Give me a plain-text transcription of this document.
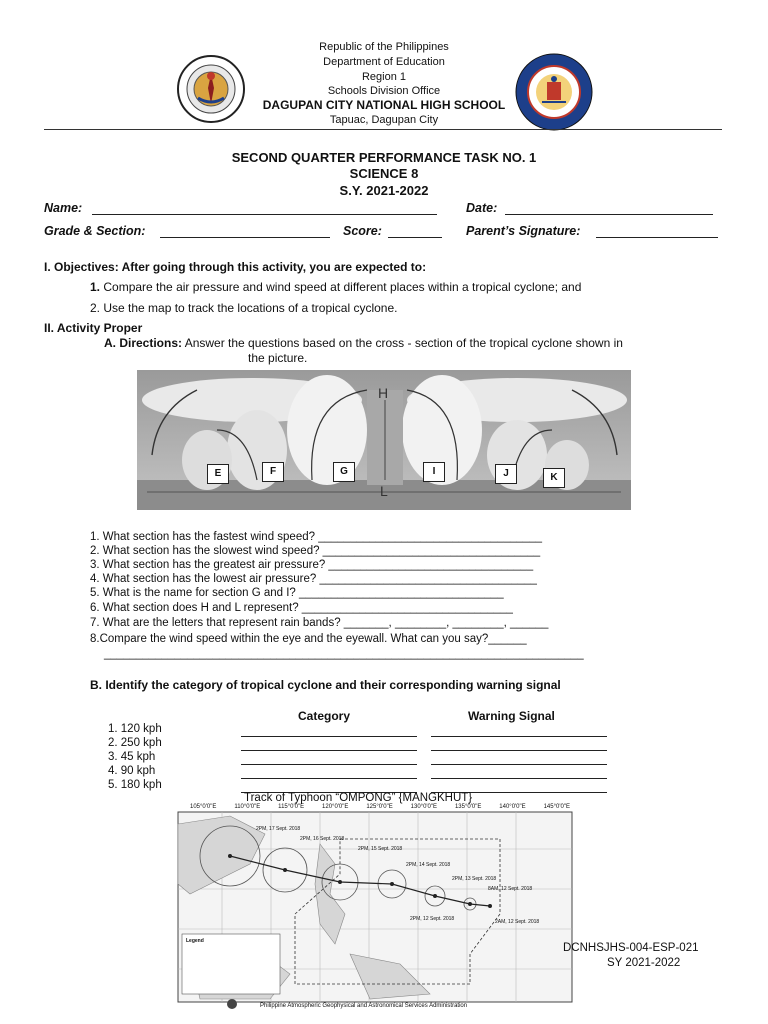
Republic of the Philippines
Department of Education
Region 1
Schools Division Office
DAGUPAN CITY NATIONAL HIGH SCHOOL
Tapuac, Dagupan City
SECOND QUARTER PERFORMANCE TASK NO. 1
SCIENCE 8
S.Y. 2021-2022
Name:	Date:
Grade & Section:	Score:	Parent’s Signature:
I. Objectives: After going through this activity, you are expected to:
1. Compare the air pressure and wind speed at different places within a tropical cyclone; and
2. Use the map to track the locations of a tropical cyclone.
II. Activity Proper
A. Directions: Answer the questions based on the cross - section of the tropical cyclone shown in
the picture.
H
L
E	F	G	I	J	K
1. What section has the fastest wind speed? ___________________________________
2. What section has the slowest wind speed? __________________________________
3. What section has the greatest air pressure? ________________________________
4. What section has the lowest air pressure? __________________________________
5. What is the name for section G and I? ________________________________
6. What section does H and L represent? _________________________________
7. What are the letters that represent rain bands? _______, ________, ________, ______
8.Compare the wind speed within the eye and the eyewall. What can you say?______
___________________________________________________________________________
B. Identify the category of tropical cyclone and their corresponding warning signal
Category	Warning Signal
1. 120 kph
2. 250 kph
3. 45 kph
4. 90 kph
5. 180 kph
Track of Typhoon “OMPONG” {MANGKHUT}
105°0'0"E	110°0'0"E	115°0'0"E	120°0'0"E	125°0'0"E	130°0'0"E	135°0'0"E	140°0'0"E	145°0'0"E
2PM, 17 Sept. 2018
2PM, 16 Sept. 2018
2PM, 15 Sept. 2018
2PM, 14 Sept. 2018
2PM, 13 Sept. 2018
8AM, 12 Sept. 2018
2PM, 12 Sept. 2018	2AM, 12 Sept. 2018
Legend
Philippine Atmospheric Geophysical and Astronomical Services Administration
DCNHSJHS-004-ESP-021
SY 2021-2022
